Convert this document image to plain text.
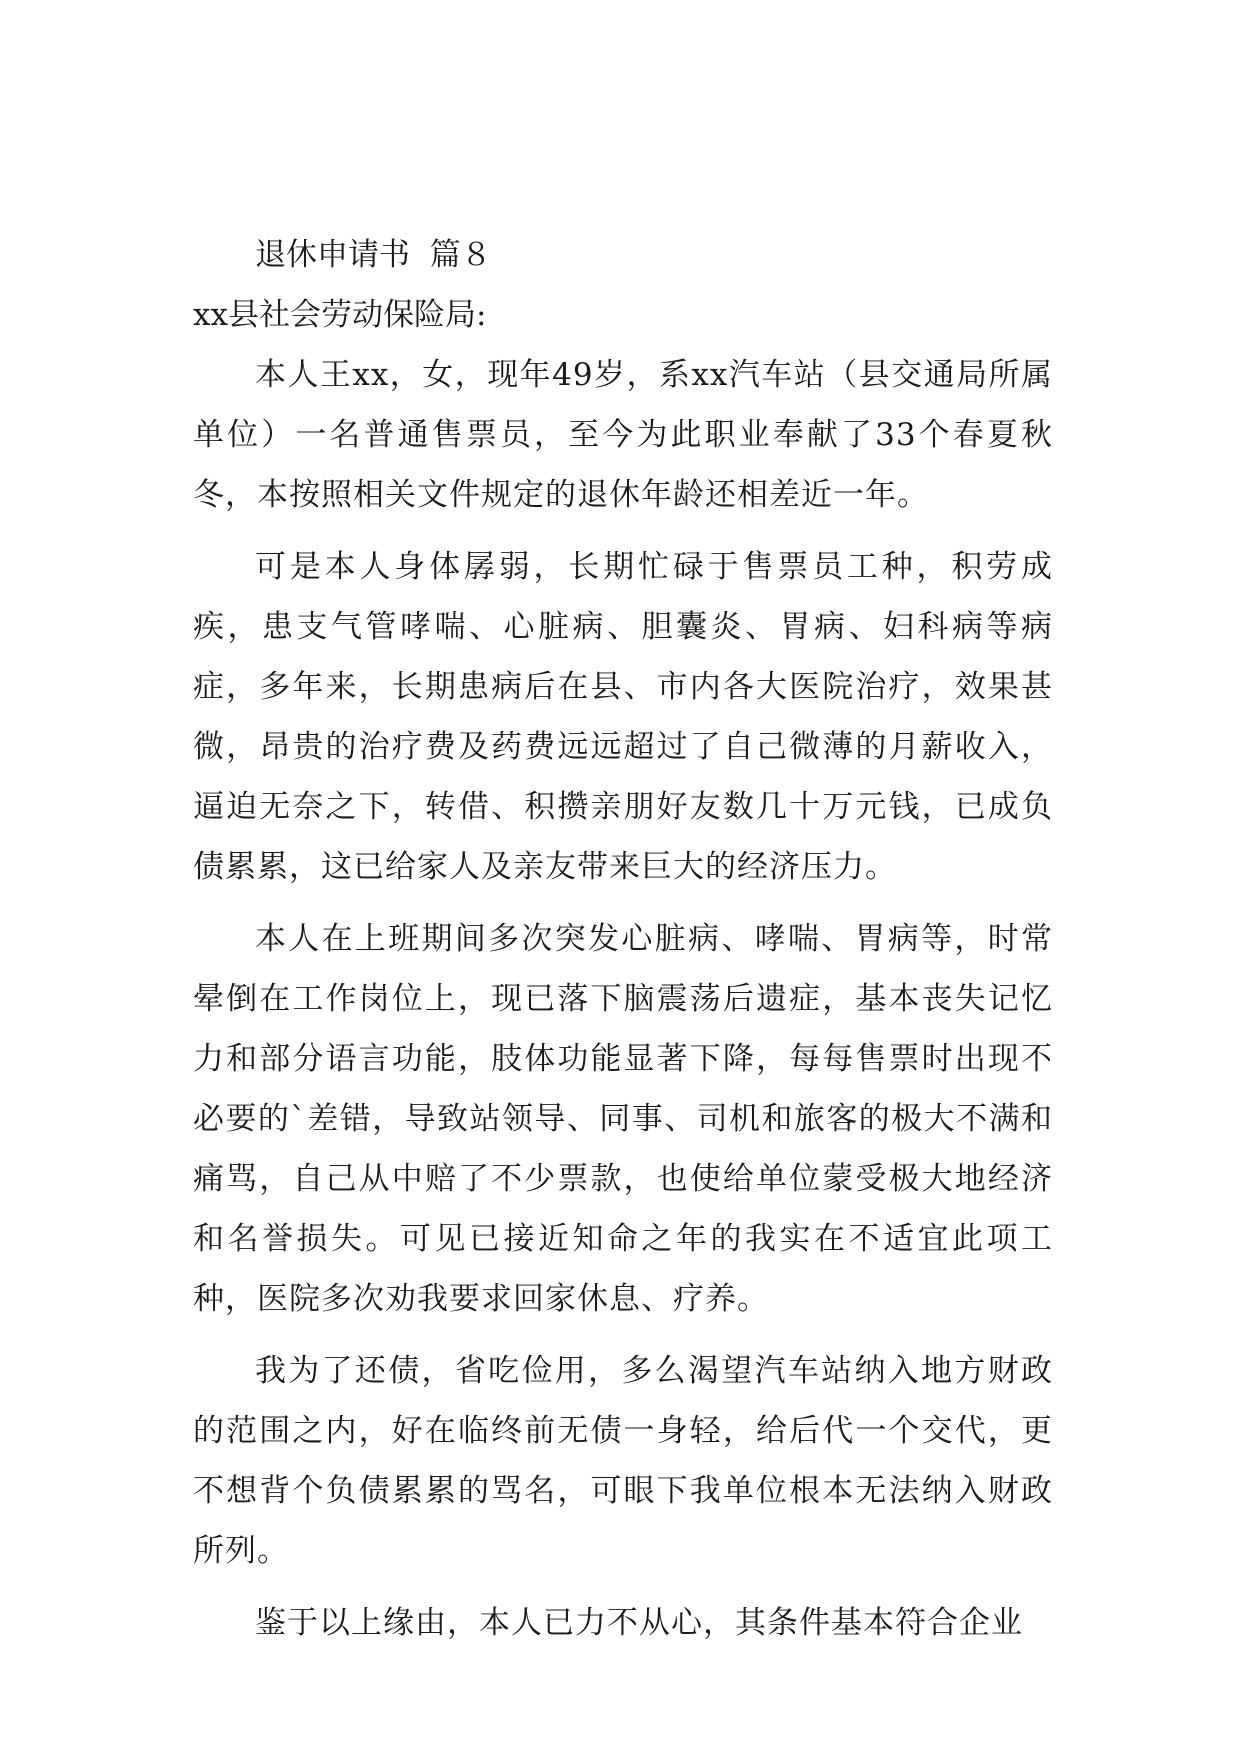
退休申请书  篇８

xx县社会劳动保险局:

本人王xx，女，现年49岁，系xx汽车站（县交通局所属单位）一名普通售票员，至今为此职业奉献了33个春夏秋冬，本按照相关文件规定的退休年龄还相差近一年。

可是本人身体孱弱，长期忙碌于售票员工种，积劳成疾，患支气管哮喘、心脏病、胆囊炎、胃病、妇科病等病症，多年来，长期患病后在县、市内各大医院治疗，效果甚微，昂贵的治疗费及药费远远超过了自己微薄的月薪收入，逼迫无奈之下，转借、积攒亲朋好友数几十万元钱，已成负债累累，这已给家人及亲友带来巨大的经济压力。

本人在上班期间多次突发心脏病、哮喘、胃病等，时常晕倒在工作岗位上，现已落下脑震荡后遗症，基本丧失记忆力和部分语言功能，肢体功能显著下降，每每售票时出现不必要的`差错，导致站领导、同事、司机和旅客的极大不满和痛骂，自己从中赔了不少票款，也使给单位蒙受极大地经济和名誉损失。可见已接近知命之年的我实在不适宜此项工种，医院多次劝我要求回家休息、疗养。

我为了还债，省吃俭用，多么渴望汽车站纳入地方财政的范围之内，好在临终前无债一身轻，给后代一个交代，更不想背个负债累累的骂名，可眼下我单位根本无法纳入财政所列。

鉴于以上缘由，本人已力不从心，其条件基本符合企业
